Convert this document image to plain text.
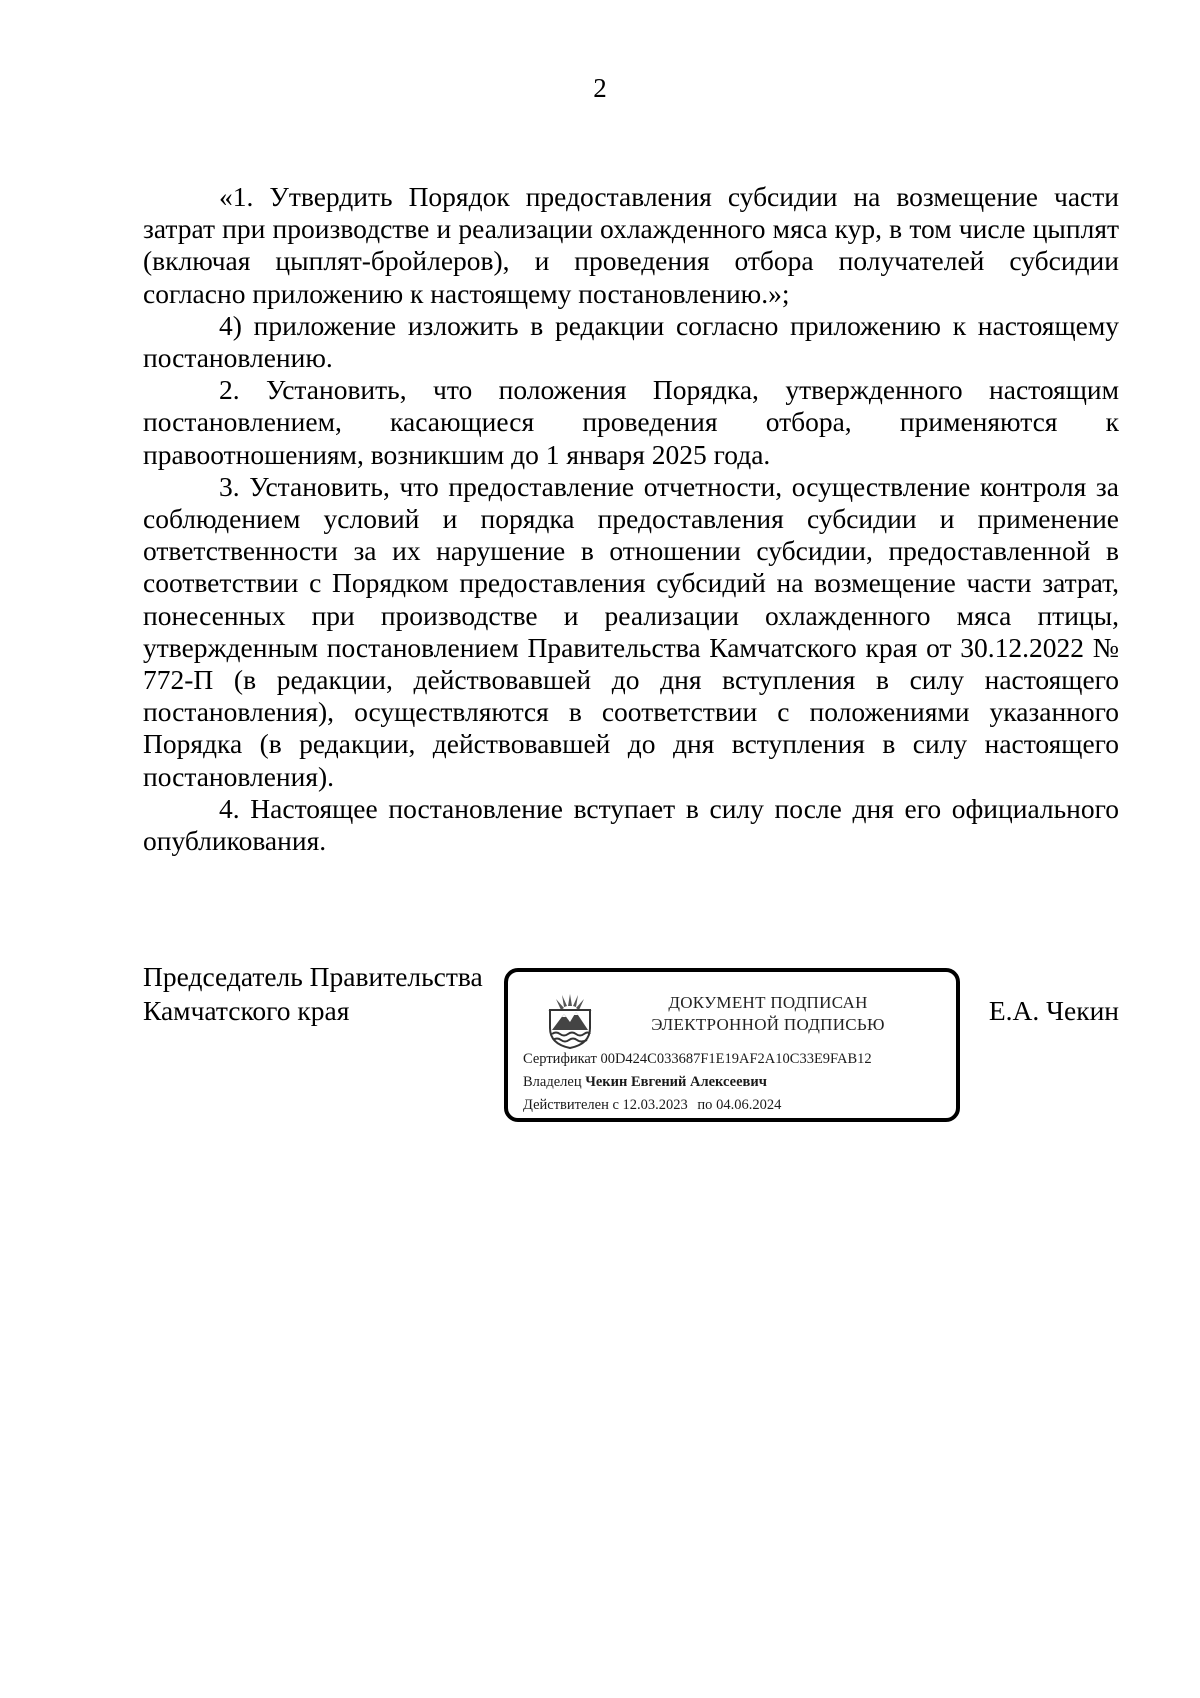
2

«1. Утвердить Порядок предоставления субсидии на возмещение части затрат при производстве и реализации охлажденного мяса кур, в том числе цыплят (включая цыплят-бройлеров), и проведения отбора получателей субсидии согласно приложению к настоящему постановлению.»;

4) приложение изложить в редакции согласно приложению к настоящему постановлению.

2. Установить, что положения Порядка, утвержденного настоящим постановлением, касающиеся проведения отбора, применяются к правоотношениям, возникшим до 1 января 2025 года.

3. Установить, что предоставление отчетности, осуществление контроля за соблюдением условий и порядка предоставления субсидии и применение ответственности за их нарушение в отношении субсидии, предоставленной в соответствии с Порядком предоставления субсидий на возмещение части затрат, понесенных при производстве и реализации охлажденного мяса птицы, утвержденным постановлением Правительства Камчатского края от 30.12.2022 № 772-П (в редакции, действовавшей до дня вступления в силу настоящего постановления), осуществляются в соответствии с положениями указанного Порядка (в редакции, действовавшей до дня вступления в силу настоящего постановления).

4. Настоящее постановление вступает в силу после дня его официального опубликования.

Председатель Правительства
Камчатского края	ДОКУМЕНТ ПОДПИСАН
ЭЛЕКТРОННОЙ ПОДПИСЬЮ
Сертификат 00D424C033687F1E19AF2A10C33E9FAB12
Владелец Чекин Евгений Алексеевич
Действителен с 12.03.2023 по 04.06.2024
Е.А. Чекин
